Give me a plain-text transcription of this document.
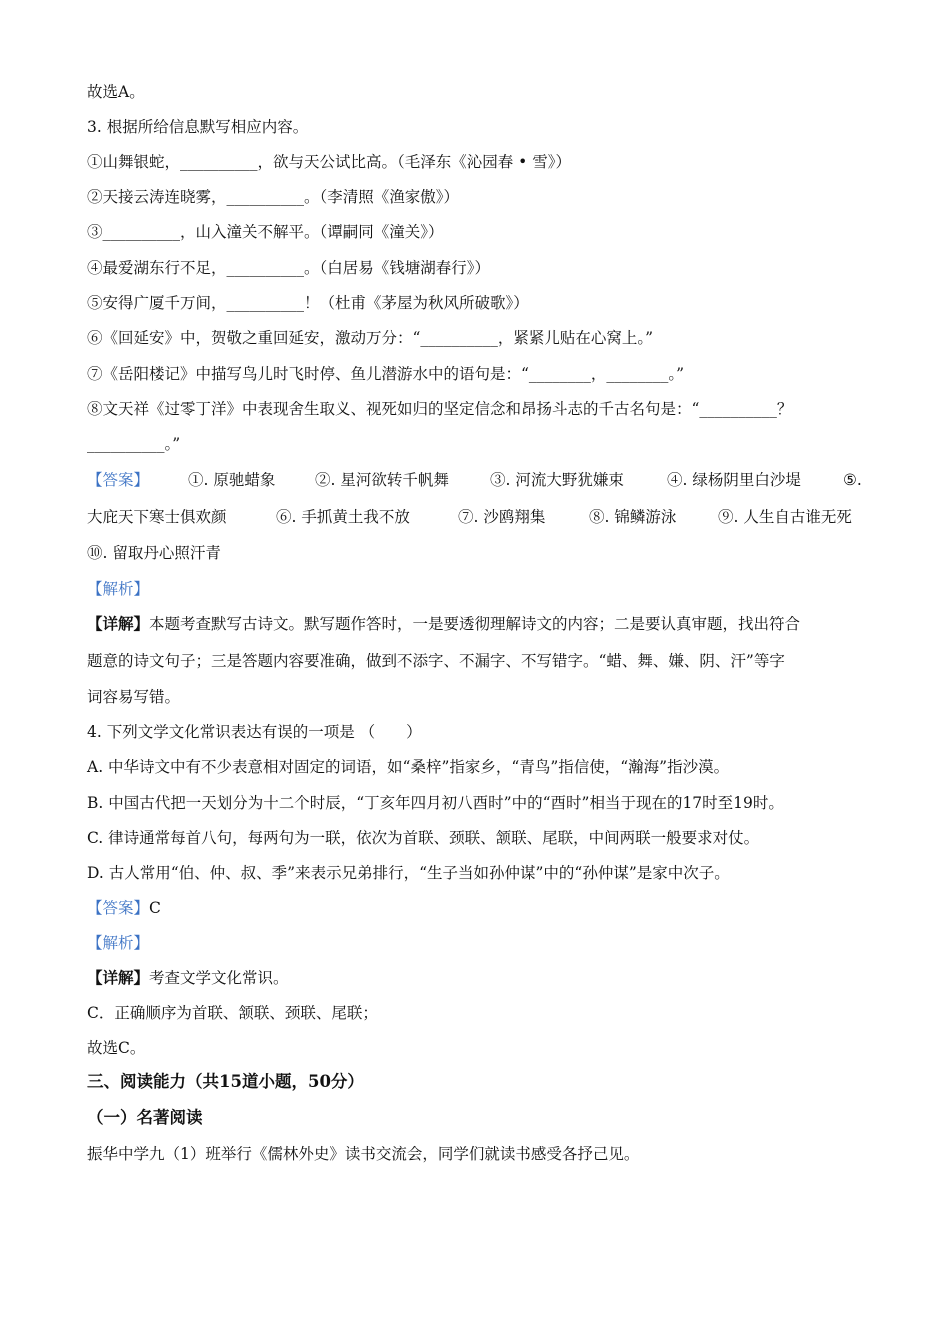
故选A。
3. 根据所给信息默写相应内容。
①山舞银蛇，__________，欲与天公试比高。（毛泽东《沁园春 • 雪》）
②天接云涛连晓雾，__________。（李清照《渔家傲》）
③__________，山入潼关不解平。（谭嗣同《潼关》）
④最爱湖东行不足，__________。（白居易《钱塘湖春行》）
⑤安得广厦千万间，__________！（杜甫《茅屋为秋风所破歌》）
⑥《回延安》中，贺敬之重回延安，激动万分：“__________，紧紧儿贴在心窝上。”
⑦《岳阳楼记》中描写鸟儿时飞时停、鱼儿潜游水中的语句是：“________，________。”
⑧文天祥《过零丁洋》中表现舍生取义、视死如归的坚定信念和昂扬斗志的千古名句是：“__________？
__________。”
【答案】	①. 原驰蜡象	②. 星河欲转千帆舞	③. 河流大野犹嫌束	④. 绿杨阴里白沙堤	⑤.
大庇天下寒士俱欢颜	⑥. 手抓黄土我不放	⑦. 沙鸥翔集	⑧. 锦鳞游泳	⑨. 人生自古谁无死
⑩. 留取丹心照汗青
【解析】
【详解】本题考查默写古诗文。默写题作答时，一是要透彻理解诗文的内容；二是要认真审题，找出符合
题意的诗文句子；三是答题内容要准确，做到不添字、不漏字、不写错字。“蜡、舞、嫌、阴、汗”等字
词容易写错。
4. 下列文学文化常识表达有误的一项是 （　　）
A. 中华诗文中有不少表意相对固定的词语，如“桑梓”指家乡，“青鸟”指信使，“瀚海”指沙漠。
B. 中国古代把一天划分为十二个时辰，“丁亥年四月初八酉时”中的“酉时”相当于现在的17时至19时。
C. 律诗通常每首八句，每两句为一联，依次为首联、颈联、颔联、尾联，中间两联一般要求对仗。
D. 古人常用“伯、仲、叔、季”来表示兄弟排行，“生子当如孙仲谋”中的“孙仲谋”是家中次子。
【答案】C
【解析】
【详解】考查文学文化常识。
C．正确顺序为首联、颔联、颈联、尾联；
故选C。
三、阅读能力（共15道小题，50分）
（一）名著阅读
振华中学九（1）班举行《儒林外史》读书交流会，同学们就读书感受各抒己见。
